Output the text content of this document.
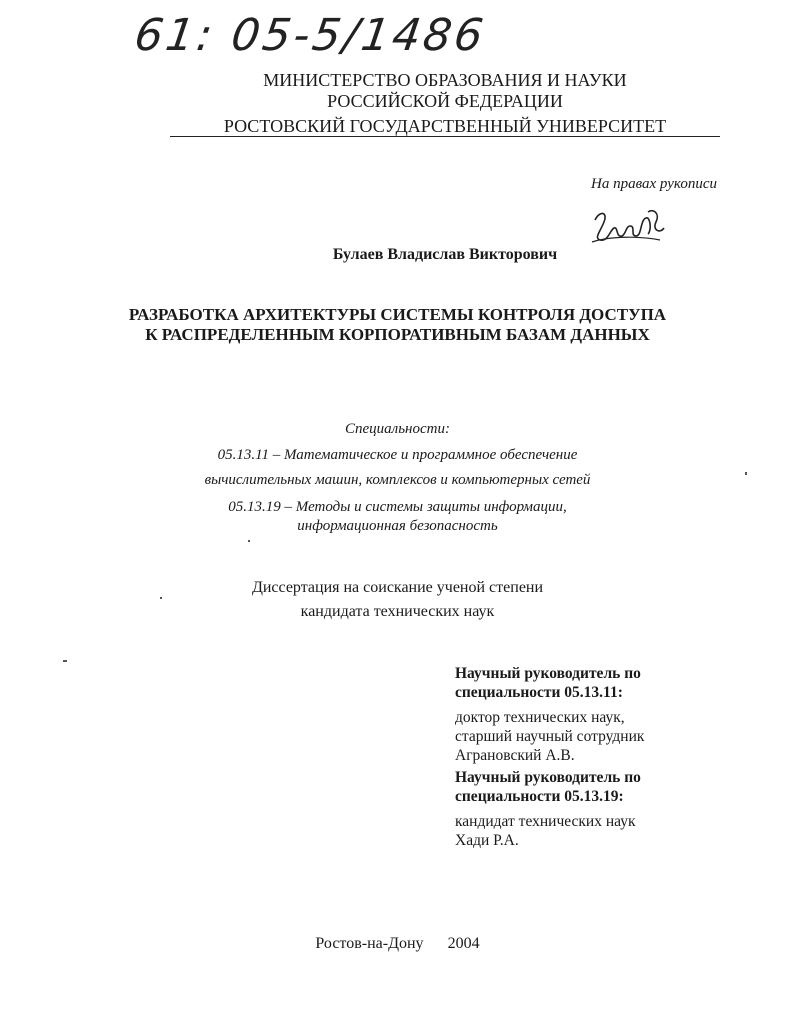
61: 05-5/1486
МИНИСТЕРСТВО ОБРАЗОВАНИЯ И НАУКИ
РОССИЙСКОЙ ФЕДЕРАЦИИ
РОСТОВСКИЙ ГОСУДАРСТВЕННЫЙ УНИВЕРСИТЕТ
На правах рукописи
Булаев Владислав Викторович
РАЗРАБОТКА АРХИТЕКТУРЫ СИСТЕМЫ КОНТРОЛЯ ДОСТУПА
К РАСПРЕДЕЛЕННЫМ КОРПОРАТИВНЫМ БАЗАМ ДАННЫХ
Специальности:
05.13.11 – Математическое и программное обеспечение
вычислительных машин, комплексов и компьютерных сетей
05.13.19 – Методы и системы защиты информации,
информационная безопасность
Диссертация на соискание ученой степени
кандидата технических наук
Научный руководитель по
специальности 05.13.11:
доктор технических наук,
старший научный сотрудник
Аграновский А.В.
Научный руководитель по
специальности 05.13.19:
кандидат технических наук
Хади Р.А.
Ростов-на-Дону 2004
